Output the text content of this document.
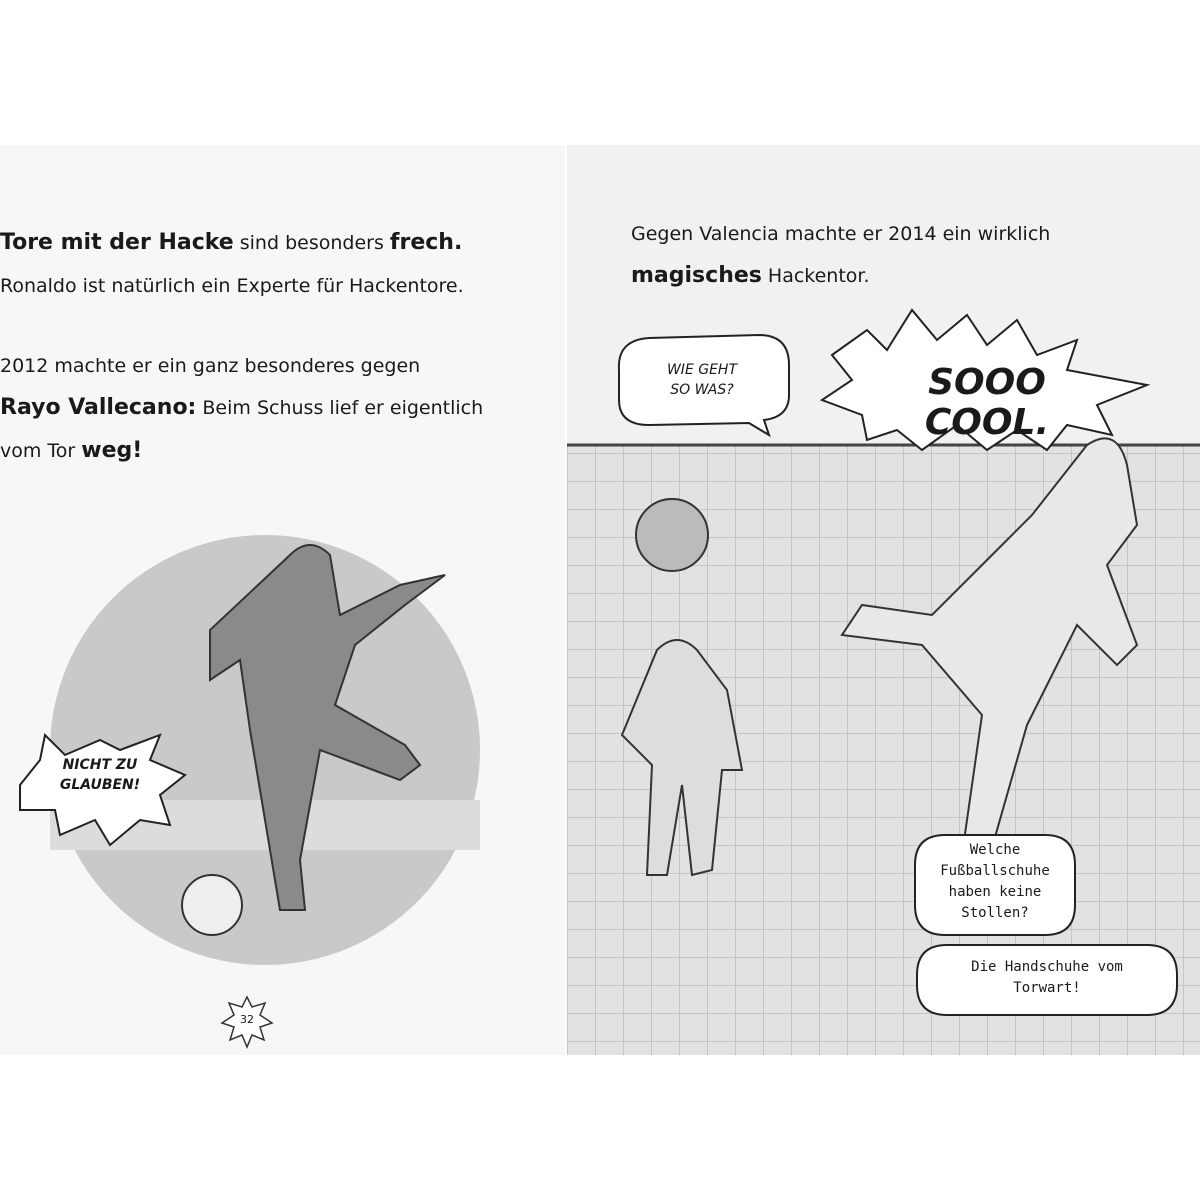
Tore mit der Hacke sind besonders frech.
Ronaldo ist natürlich ein Experte für Hackentore.
2012 machte er ein ganz besonderes gegen
Rayo Vallecano: Beim Schuss lief er eigentlich
vom Tor weg!
NICHT ZU
GLAUBEN!
32
Gegen Valencia machte er 2014 ein wirklich
magisches Hackentor.
WIE GEHT
SO WAS?	SOOO COOL.
Welche
Fußballschuhe
haben keine
Stollen?
Die Handschuhe vom
Torwart!
